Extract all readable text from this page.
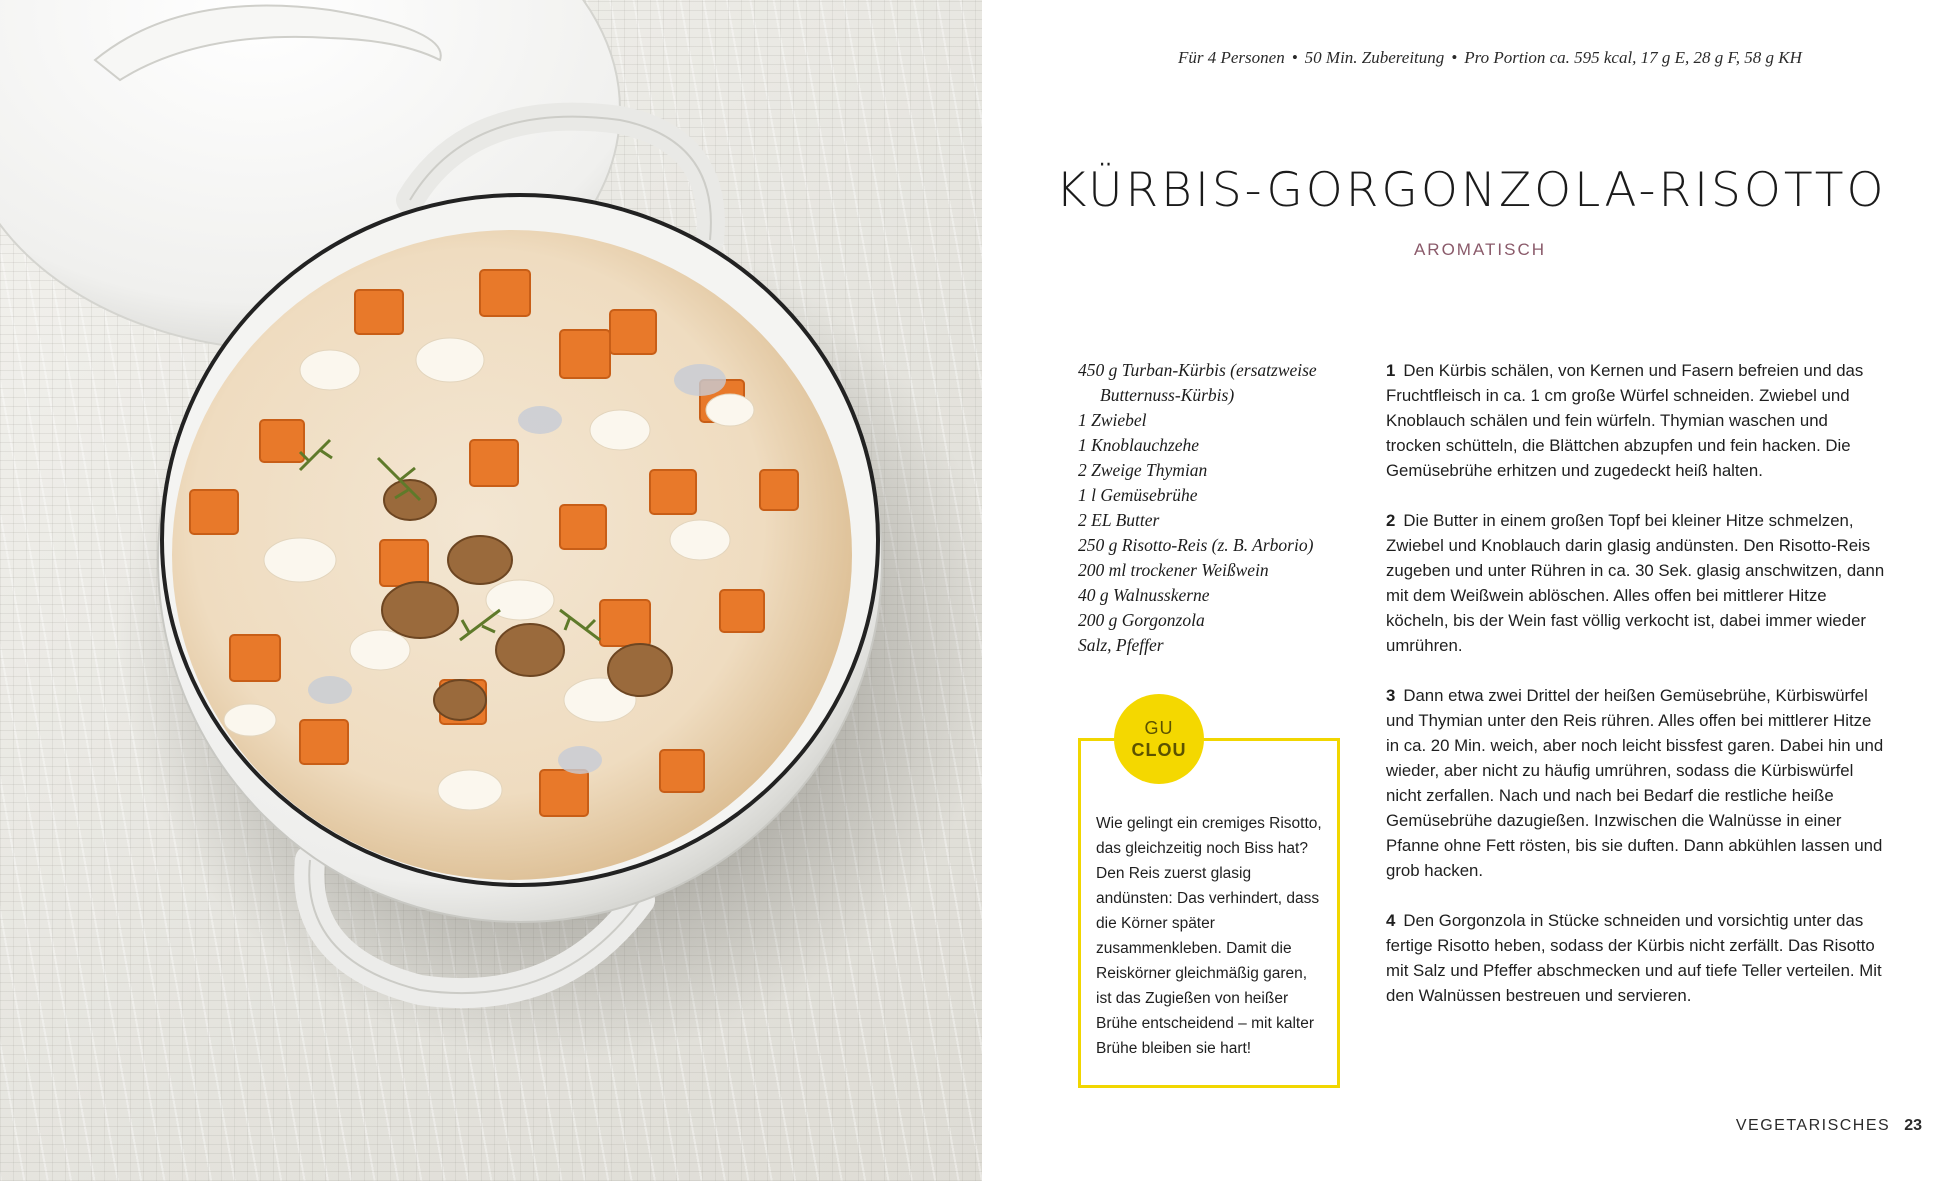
Für 4 Personen • 50 Min. Zubereitung • Pro Portion ca. 595 kcal, 17 g E, 28 g F, 58 g KH
KÜRBIS-GORGONZOLA-RISOTTO
AROMATISCH
450 g Turban-Kürbis (ersatzweise Butternuss-Kürbis)
1 Zwiebel
1 Knoblauchzehe
2 Zweige Thymian
1 l Gemüsebrühe
2 EL Butter
250 g Risotto-Reis (z. B. Arborio)
200 ml trockener Weißwein
40 g Walnusskerne
200 g Gorgonzola
Salz, Pfeffer
GU
CLOU
Wie gelingt ein cremiges Risotto, das gleichzeitig noch Biss hat? Den Reis zuerst glasig andünsten: Das verhindert, dass die Körner später zusammenkleben. Damit die Reiskörner gleichmäßig garen, ist das Zugießen von heißer Brühe entscheidend – mit kalter Brühe bleiben sie hart!
1 Den Kürbis schälen, von Kernen und Fasern befreien und das Fruchtfleisch in ca. 1 cm große Würfel schneiden. Zwiebel und Knoblauch schälen und fein würfeln. Thymian waschen und trocken schütteln, die Blättchen abzupfen und fein hacken. Die Gemüsebrühe erhitzen und zugedeckt heiß halten.
2 Die Butter in einem großen Topf bei kleiner Hitze schmelzen, Zwiebel und Knoblauch darin glasig andünsten. Den Risotto-Reis zugeben und unter Rühren in ca. 30 Sek. glasig anschwitzen, dann mit dem Weißwein ablöschen. Alles offen bei mittlerer Hitze köcheln, bis der Wein fast völlig verkocht ist, dabei immer wieder umrühren.
3 Dann etwa zwei Drittel der heißen Gemüsebrühe, Kürbiswürfel und Thymian unter den Reis rühren. Alles offen bei mittlerer Hitze in ca. 20 Min. weich, aber noch leicht bissfest garen. Dabei hin und wieder, aber nicht zu häufig umrühren, sodass die Kürbiswürfel nicht zerfallen. Nach und nach bei Bedarf die restliche heiße Gemüsebrühe dazugießen. Inzwischen die Walnüsse in einer Pfanne ohne Fett rösten, bis sie duften. Dann abkühlen lassen und grob hacken.
4 Den Gorgonzola in Stücke schneiden und vorsichtig unter das fertige Risotto heben, sodass der Kürbis nicht zerfällt. Das Risotto mit Salz und Pfeffer abschmecken und auf tiefe Teller verteilen. Mit den Walnüssen bestreuen und servieren.
VEGETARISCHES 23
